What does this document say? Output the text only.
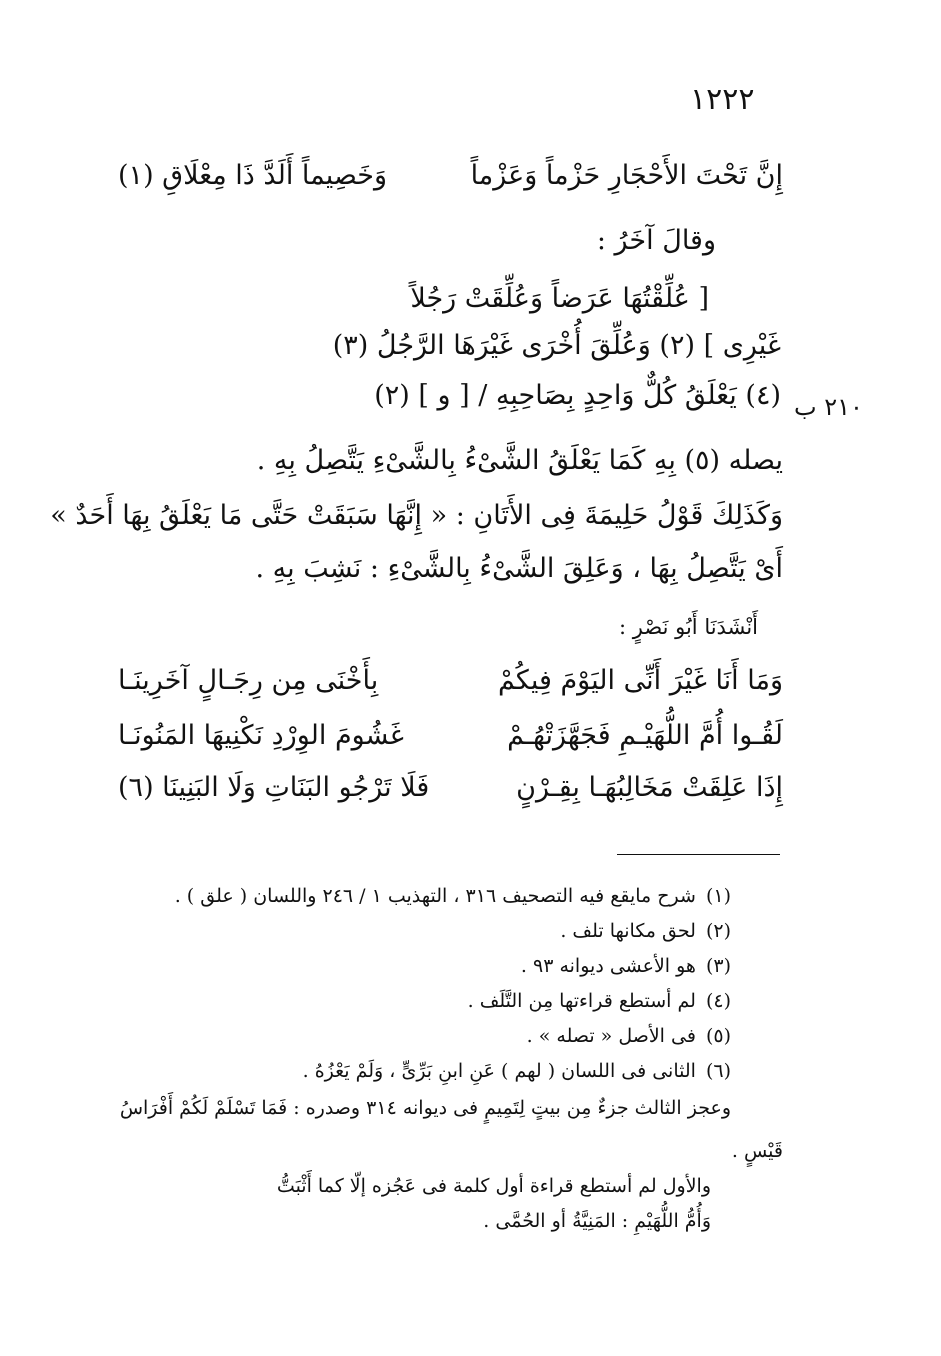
١٢٢٢
إِنَّ تَحْتَ الأَحْجَارِ حَزْماً وَعَزْماً
وَخَصِيماً أَلَدَّ ذَا مِعْلَاقِ (١)
وقالَ آخَرُ :
[ عُلِّقْتُهَا عَرَضاً وَعُلِّقَتْ رَجُلاً
غَيْرِى ] (٢) وَعُلِّقَ أُخْرَى غَيْرَهَا الرَّجُلُ (٣)
(٤) يَعْلَقُ كُلٌّ وَاحِدٍ بِصَاحِبِهِ / [ و ] (٢) ٢١٠ ب
يصله (٥) بِهِ كَمَا يَعْلَقُ الشَّىْءُ بِالشَّىْءِ يَتَّصِلُ بِهِ .
وَكَذَلِكَ قَوْلُ حَلِيمَةَ فِى الأَتَانِ : « إِنَّهَا سَبَقَتْ حَتَّى مَا يَعْلَقُ بِهَا أَحَدٌ »
أَىْ يَتَّصِلُ بِهَا ، وَعَلِقَ الشَّىْءُ بِالشَّىْءِ : نَشِبَ بِهِ .
أَنْشَدَنَا أَبُو نَصْرٍ :
وَمَا أَنَا غَيْرَ أَنِّى اليَوْمَ فِيكُمْ
بِأَخْنَى مِن رِجَـالٍ آخَرِينَـا
لَقُـوا أُمَّ اللُّهَيْـمِ فَجَهَّزَتْهُـمْ
غَشُومَ الوِرْدِ نَكْنِيهَا المَنُونَـا
إِذَا عَلِقَتْ مَخَالِبُهَـا بِقِـرْنٍ
فَلَا تَرْجُو البَنَاتِ وَلَا البَنِينَا (٦)
(١)شرح مايقع فيه التصحيف ٣١٦ ، التهذيب ١ / ٢٤٦ واللسان ( علق ) .
(٢)لحق مكانها تلف .
(٣)هو الأعشى ديوانه ٩٣ .
(٤)لم أستطع قراءتها مِن التَّلَف .
(٥)فى الأصل « تصله » .
(٦)الثانى فى اللسان ( لهم ) عَنِ ابنِ بَرِّىٍّ ، وَلَمْ يَعْزُهُ .
وعجز الثالث جزءٌ مِن بيتٍ لِتَمِيمٍ فى ديوانه ٣١٤ وصدره : فَمَا تَسْلَمْ لَكُمْ أَفْرَاسُ
قَيْسٍ .
والأول لم أستطع قراءة أول كلمة فى عَجُزه إلّا كما أَثْبَتُّ
وَأُمُّ اللُّهَيْمِ : المَنِيَّةُ أو الحُمَّى .
